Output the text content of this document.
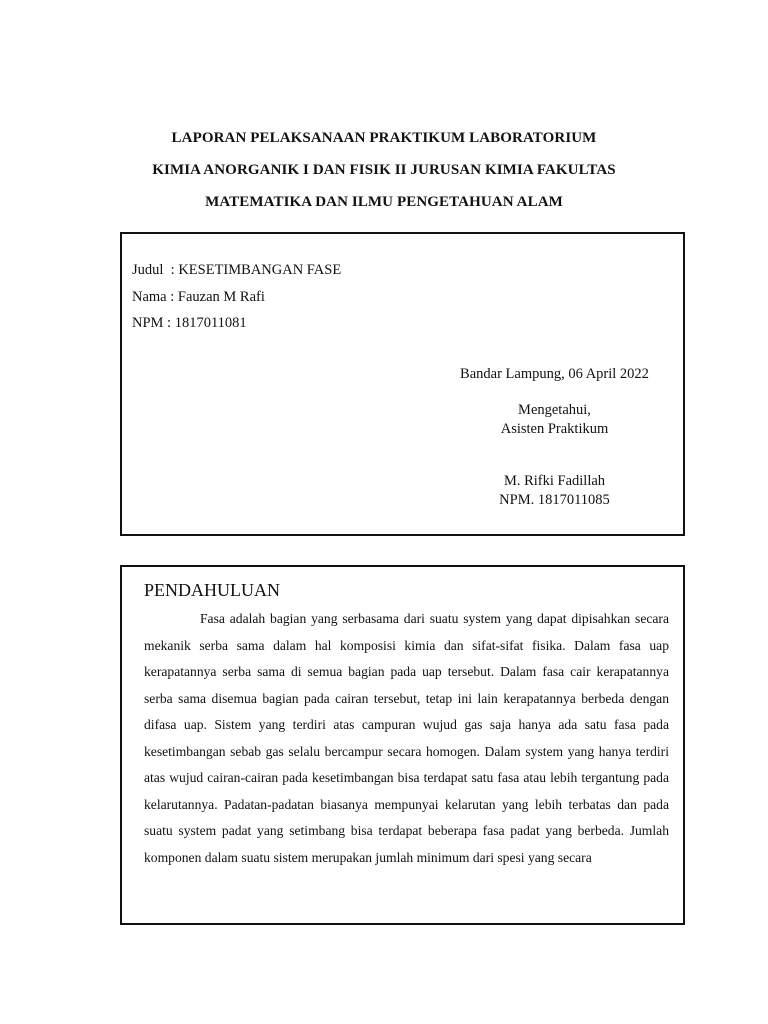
LAPORAN PELAKSANAAN PRAKTIKUM LABORATORIUM
KIMIA ANORGANIK I DAN FISIK II JURUSAN KIMIA FAKULTAS
MATEMATIKA DAN ILMU PENGETAHUAN ALAM
Judul  : KESETIMBANGAN FASE
Nama : Fauzan M Rafi
NPM : 1817011081
Bandar Lampung, 06 April 2022
Mengetahui,
Asisten Praktikum
M. Rifki Fadillah
NPM. 1817011085
PENDAHULUAN

Fasa adalah bagian yang serbasama dari suatu system yang dapat dipisahkan secara mekanik serba sama dalam hal komposisi kimia dan sifat-sifat fisika. Dalam fasa uap kerapatannya serba sama di semua bagian pada uap tersebut. Dalam fasa cair kerapatannya serba sama disemua bagian pada cairan tersebut, tetap ini lain kerapatannya berbeda dengan difasa uap. Sistem yang terdiri atas campuran wujud gas saja hanya ada satu fasa pada kesetimbangan sebab gas selalu bercampur secara homogen. Dalam system yang hanya terdiri atas wujud cairan-cairan pada kesetimbangan bisa terdapat satu fasa atau lebih tergantung pada kelarutannya. Padatan-padatan biasanya mempunyai kelarutan yang lebih terbatas dan pada suatu system padat yang setimbang bisa terdapat beberapa fasa padat yang berbeda. Jumlah komponen dalam suatu sistem merupakan jumlah minimum dari spesi yang secara
